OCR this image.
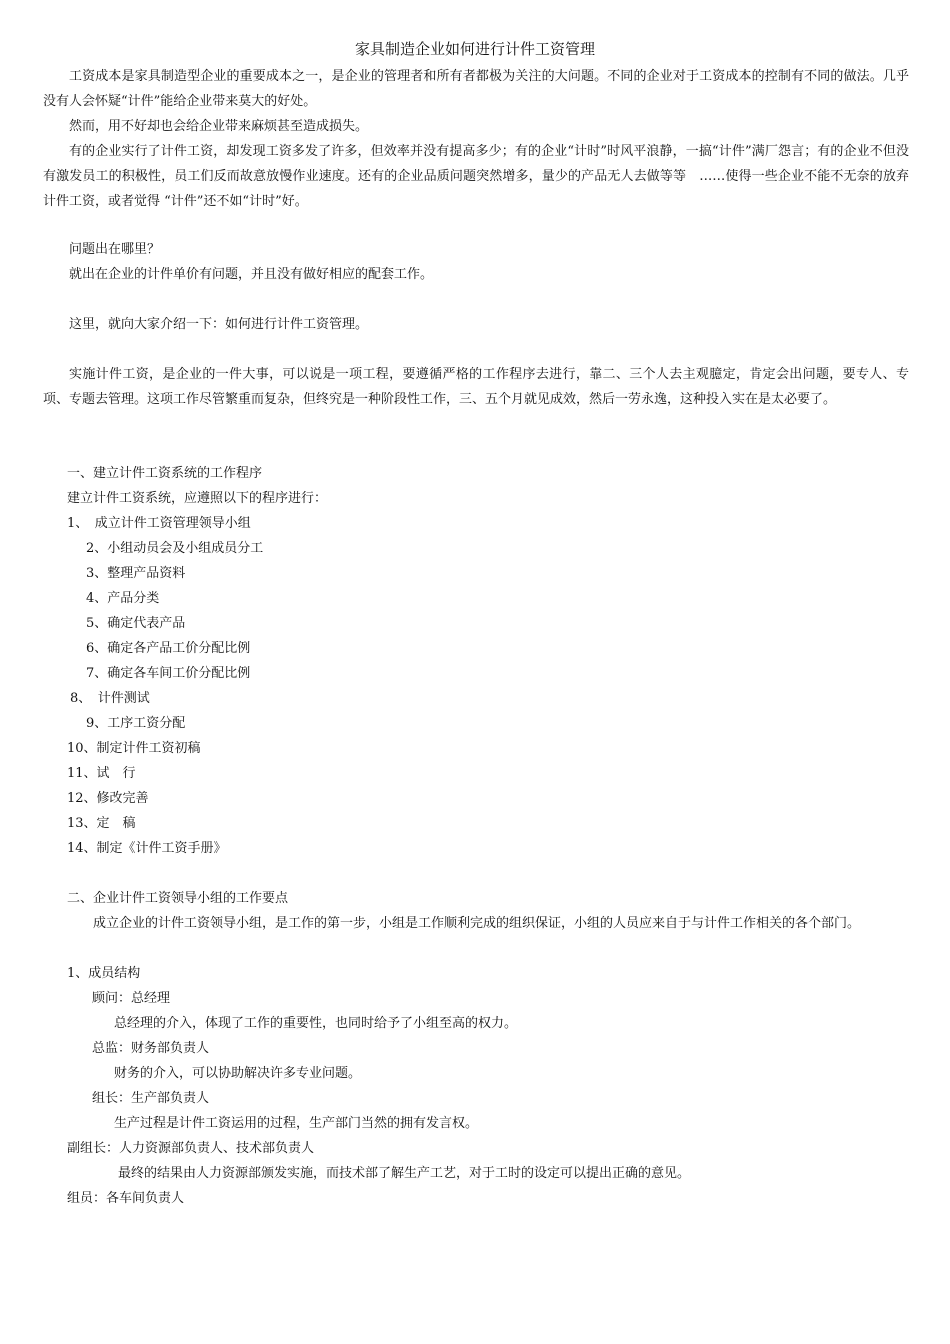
家具制造企业如何进行计件工资管理
工资成本是家具制造型企业的重要成本之一，是企业的管理者和所有者都极为关注的大问题。不同的企业对于工资成本的控制有不同的做法。几乎没有人会怀疑“计件”能给企业带来莫大的好处。
然而，用不好却也会给企业带来麻烦甚至造成损失。
有的企业实行了计件工资，却发现工资多发了许多，但效率并没有提高多少；有的企业“计时”时风平浪静，一搞“计件”满厂怨言；有的企业不但没有激发员工的积极性，员工们反而故意放慢作业速度。还有的企业品质问题突然增多，量少的产品无人去做等等　……使得一些企业不能不无奈的放弃计件工资，或者觉得 “计件”还不如“计时”好。
问题出在哪里？
就出在企业的计件单价有问题，并且没有做好相应的配套工作。
这里，就向大家介绍一下：如何进行计件工资管理。
实施计件工资，是企业的一件大事，可以说是一项工程，要遵循严格的工作程序去进行，靠二、三个人去主观臆定，肯定会出问题，要专人、专项、专题去管理。这项工作尽管繁重而复杂，但终究是一种阶段性工作，三、五个月就见成效，然后一劳永逸，这种投入实在是太必要了。
一、建立计件工资系统的工作程序
建立计件工资系统，应遵照以下的程序进行：
1、　成立计件工资管理领导小组
2、小组动员会及小组成员分工
3、整理产品资料
4、产品分类
5、确定代表产品
6、确定各产品工价分配比例
7、确定各车间工价分配比例
8、　计件测试
9、工序工资分配
10、制定计件工资初稿
11、试　行
12、修改完善
13、定　稿
14、制定《计件工资手册》
二、企业计件工资领导小组的工作要点
成立企业的计件工资领导小组，是工作的第一步，小组是工作顺利完成的组织保证，小组的人员应来自于与计件工作相关的各个部门。
1、成员结构
顾问：总经理
总经理的介入，体现了工作的重要性，也同时给予了小组至高的权力。
总监：财务部负责人
财务的介入，可以协助解决许多专业问题。
组长：生产部负责人
生产过程是计件工资运用的过程，生产部门当然的拥有发言权。
副组长：人力资源部负责人、技术部负责人
最终的结果由人力资源部颁发实施，而技术部了解生产工艺，对于工时的设定可以提出正确的意见。
组员：各车间负责人
